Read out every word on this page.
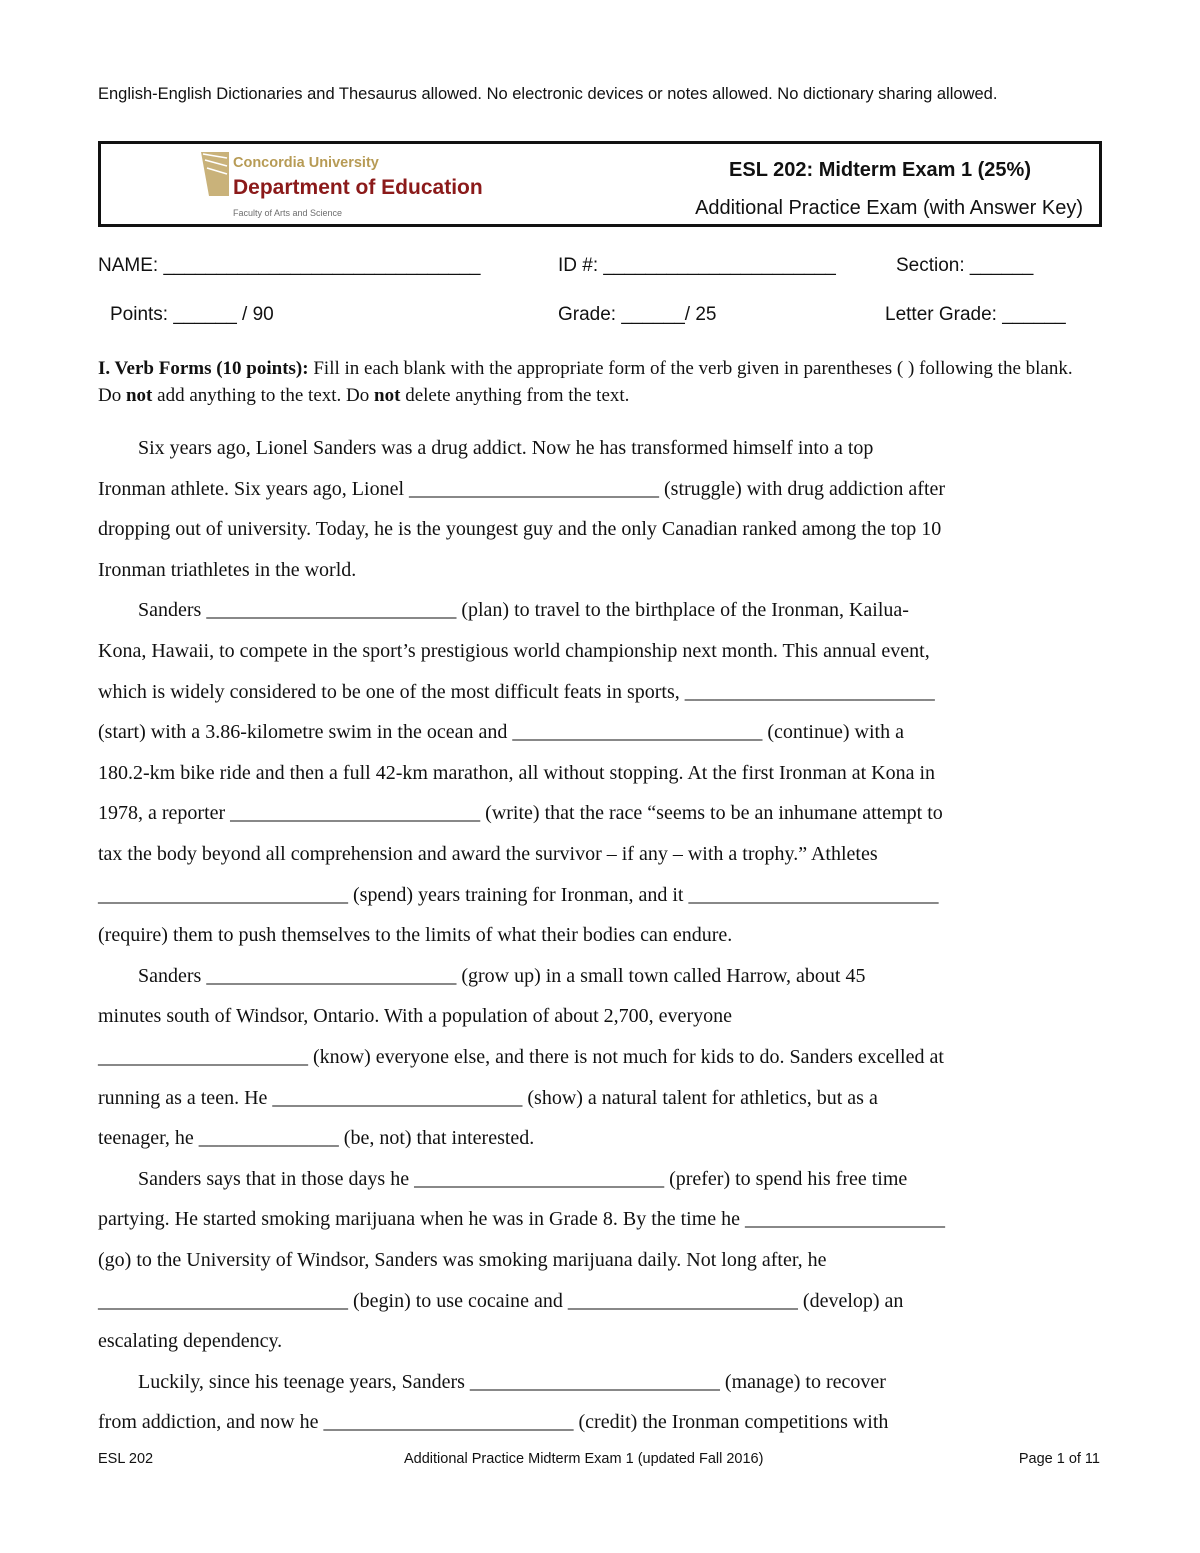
English-English Dictionaries and Thesaurus allowed. No electronic devices or notes allowed. No dictionary sharing allowed.
Concordia University
Department of Education
Faculty of Arts and Science
ESL 202: Midterm Exam 1 (25%)
Additional Practice Exam (with Answer Key)
NAME: ______________________________	ID #: ______________________	Section: ______
Points: ______ / 90	Grade: ______/ 25	Letter Grade: ______
I. Verb Forms (10 points): Fill in each blank with the appropriate form of the verb given in parentheses ( ) following the blank. Do not add anything to the text. Do not delete anything from the text.
Six years ago, Lionel Sanders was a drug addict. Now he has transformed himself into a top
Ironman athlete. Six years ago, Lionel _________________________ (struggle) with drug addiction after
dropping out of university. Today, he is the youngest guy and the only Canadian ranked among the top 10
Ironman triathletes in the world.
Sanders _________________________ (plan) to travel to the birthplace of the Ironman, Kailua-
Kona, Hawaii, to compete in the sport’s prestigious world championship next month. This annual event,
which is widely considered to be one of the most difficult feats in sports, _________________________
(start) with a 3.86-kilometre swim in the ocean and _________________________ (continue) with a
180.2-km bike ride and then a full 42-km marathon, all without stopping. At the first Ironman at Kona in
1978, a reporter _________________________ (write) that the race “seems to be an inhumane attempt to
tax the body beyond all comprehension and award the survivor – if any – with a trophy.” Athletes
_________________________ (spend) years training for Ironman, and it _________________________
(require) them to push themselves to the limits of what their bodies can endure.
Sanders _________________________ (grow up) in a small town called Harrow, about 45
minutes south of Windsor, Ontario. With a population of about 2,700, everyone
_____________________ (know) everyone else, and there is not much for kids to do. Sanders excelled at
running as a teen. He _________________________ (show) a natural talent for athletics, but as a
teenager, he ______________ (be, not) that interested.
Sanders says that in those days he _________________________ (prefer) to spend his free time
partying. He started smoking marijuana when he was in Grade 8. By the time he ____________________
(go) to the University of Windsor, Sanders was smoking marijuana daily. Not long after, he
_________________________ (begin) to use cocaine and _______________________ (develop) an
escalating dependency.
Luckily, since his teenage years, Sanders _________________________ (manage) to recover
from addiction, and now he _________________________ (credit) the Ironman competitions with
ESL 202	Additional Practice Midterm Exam 1 (updated Fall 2016)	Page 1 of 11
